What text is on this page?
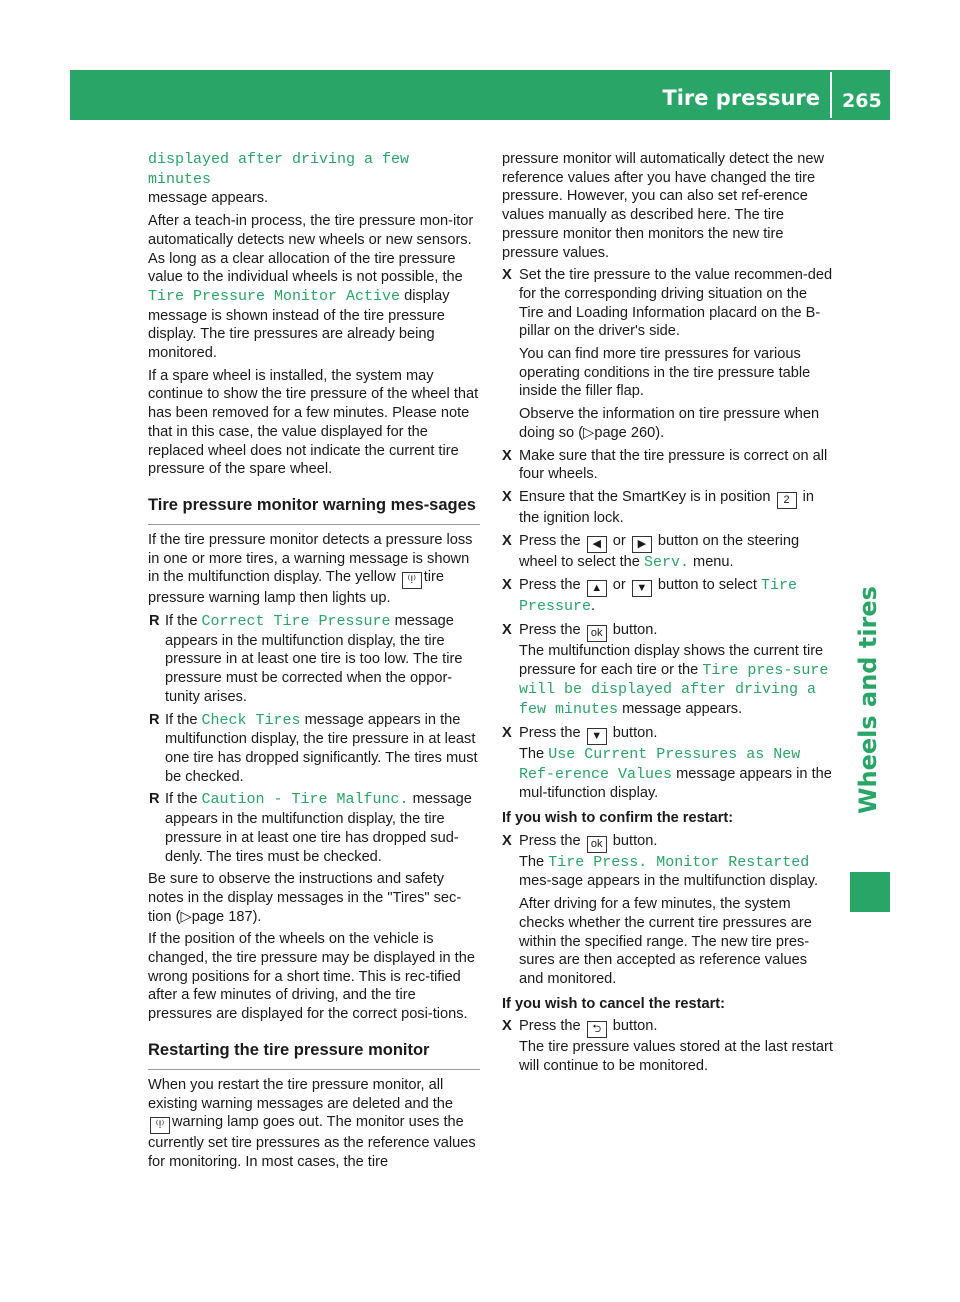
Tire pressure 265
Wheels and tires

displayed after driving a few minutes
message appears.

After a teach-in process, the tire pressure mon-itor automatically detects new wheels or new sensors. As long as a clear allocation of the tire pressure value to the individual wheels is not possible, the Tire Pressure Monitor Active display message is shown instead of the tire pressure display. The tire pressures are already being monitored.

If a spare wheel is installed, the system may continue to show the tire pressure of the wheel that has been removed for a few minutes. Please note that in this case, the value displayed for the replaced wheel does not indicate the current tire pressure of the spare wheel.

Tire pressure monitor warning mes-sages

If the tire pressure monitor detects a pressure loss in one or more tires, a warning message is shown in the multifunction display. The yellow ⁽!⁾ tire pressure warning lamp then lights up.

R If the Correct Tire Pressure message appears in the multifunction display, the tire pressure in at least one tire is too low. The tire pressure must be corrected when the oppor-tunity arises.
R If the Check Tires message appears in the multifunction display, the tire pressure in at least one tire has dropped significantly. The tires must be checked.
R If the Caution - Tire Malfunc. message appears in the multifunction display, the tire pressure in at least one tire has dropped sud-denly. The tires must be checked.

Be sure to observe the instructions and safety notes in the display messages in the "Tires" sec-tion (▷page 187).

If the position of the wheels on the vehicle is changed, the tire pressure may be displayed in the wrong positions for a short time. This is rec-tified after a few minutes of driving, and the tire pressures are displayed for the correct posi-tions.

Restarting the tire pressure monitor

When you restart the tire pressure monitor, all existing warning messages are deleted and the ⁽!⁾ warning lamp goes out. The monitor uses the currently set tire pressures as the reference values for monitoring. In most cases, the tire

pressure monitor will automatically detect the new reference values after you have changed the tire pressure. However, you can also set ref-erence values manually as described here. The tire pressure monitor then monitors the new tire pressure values.

X Set the tire pressure to the value recommen-ded for the corresponding driving situation on the Tire and Loading Information placard on the B-pillar on the driver's side.
You can find more tire pressures for various operating conditions in the tire pressure table inside the filler flap.
Observe the information on tire pressure when doing so (▷page 260).
X Make sure that the tire pressure is correct on all four wheels.
X Ensure that the SmartKey is in position 2 in the ignition lock.
X Press the ◀ or ▶ button on the steering wheel to select the Serv. menu.
X Press the ▲ or ▼ button to select Tire Pressure.
X Press the ok button.
The multifunction display shows the current tire pressure for each tire or the Tire pres-sure will be displayed after driving a few minutes message appears.
X Press the ▼ button.
The Use Current Pressures as New Ref-erence Values message appears in the mul-tifunction display.
If you wish to confirm the restart:
X Press the ok button.
The Tire Press. Monitor Restarted mes-sage appears in the multifunction display.
After driving for a few minutes, the system checks whether the current tire pressures are within the specified range. The new tire pres-sures are then accepted as reference values and monitored.
If you wish to cancel the restart:
X Press the ⮌ button.
The tire pressure values stored at the last restart will continue to be monitored.
